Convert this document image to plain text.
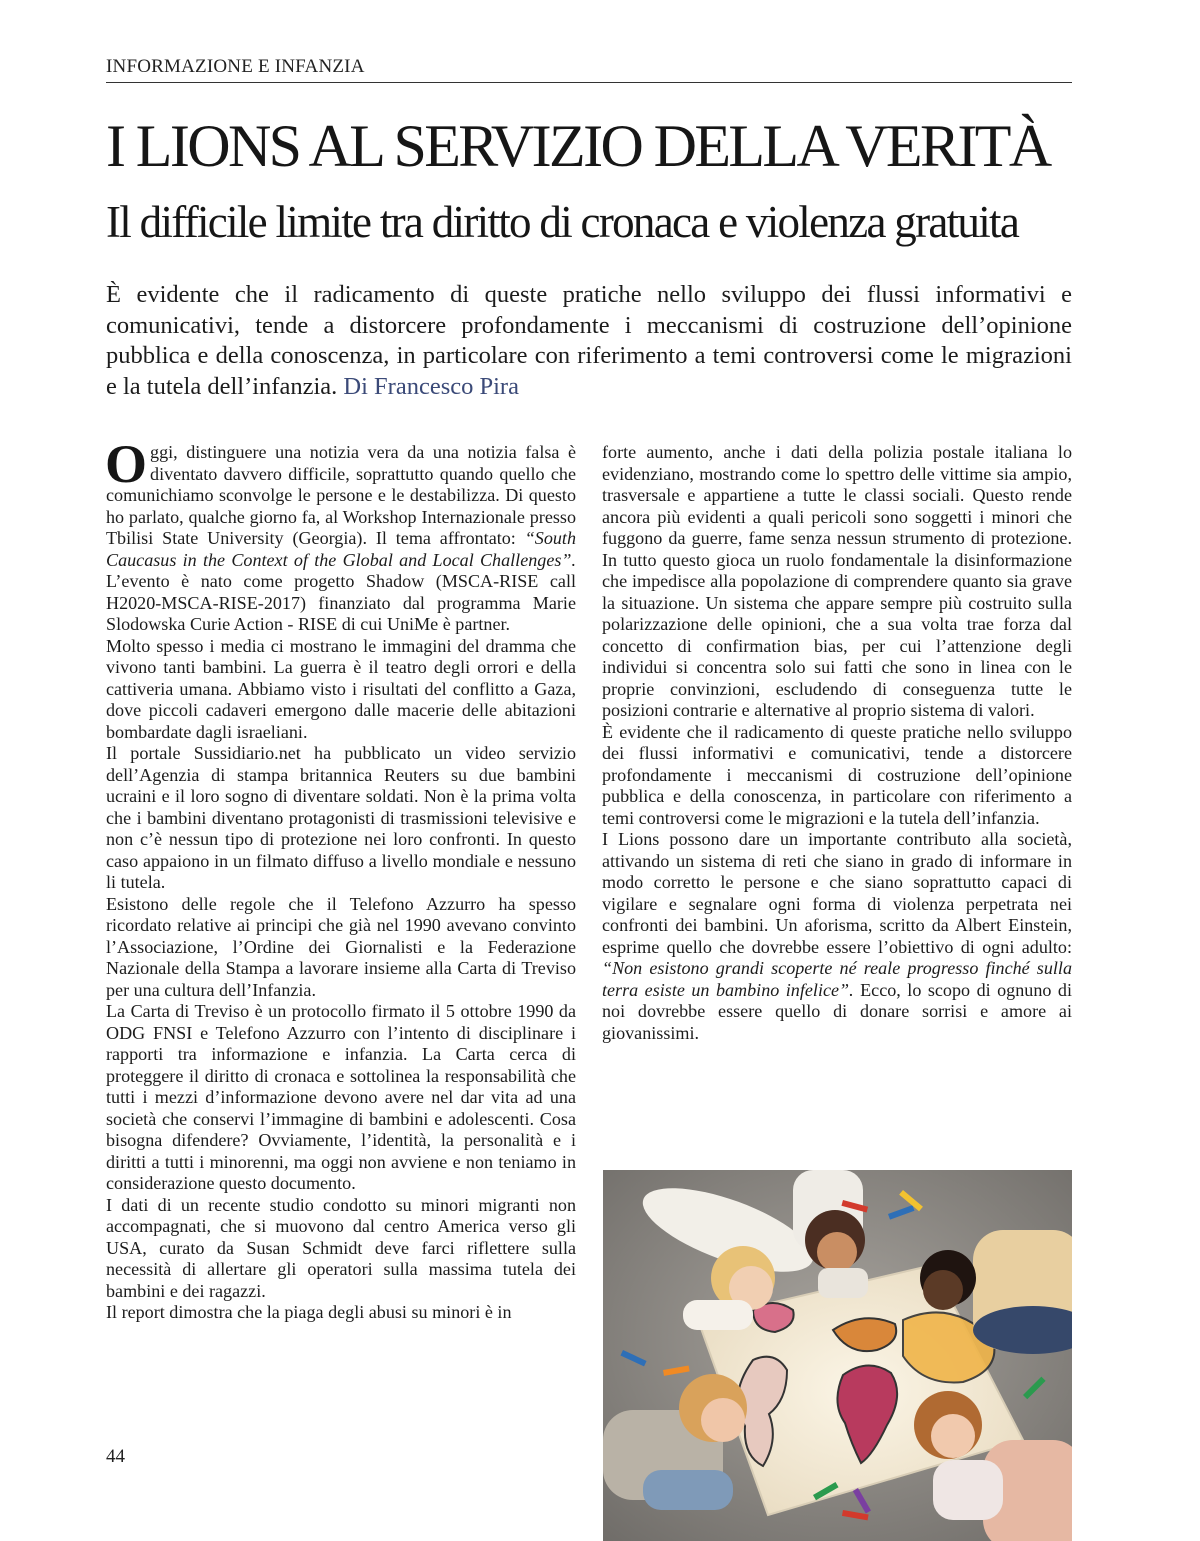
INFORMAZIONE E INFANZIA
I LIONS AL SERVIZIO DELLA VERITÀ
Il difficile limite tra diritto di cronaca e violenza gratuita

È evidente che il radicamento di queste pratiche nello sviluppo dei flussi informativi e comunicativi, tende a distorcere profondamente i meccanismi di costruzione dell’opinione pubblica e della conoscenza, in particolare con riferimento a temi controversi come le migrazioni e la tutela dell’infanzia. Di Francesco Pira

Oggi, distinguere una notizia vera da una notizia falsa è diventato davvero difficile, soprattutto quando quello che comunichiamo sconvolge le persone e le destabilizza. Di questo ho parlato, qualche giorno fa, al Workshop Internazionale presso Tbilisi State University (Georgia). Il tema affrontato: “South Caucasus in the Context of the Global and Local Challenges”. L’evento è nato come progetto Shadow (MSCA-RISE call H2020-MSCA-RISE-2017) finanziato dal programma Marie Slodowska Curie Action - RISE di cui UniMe è partner.

Molto spesso i media ci mostrano le immagini del dramma che vivono tanti bambini. La guerra è il teatro degli orrori e della cattiveria umana. Abbiamo visto i risultati del conflitto a Gaza, dove piccoli cadaveri emergono dalle macerie delle abitazioni bombardate dagli israeliani.

Il portale Sussidiario.net ha pubblicato un video servizio dell’Agenzia di stampa britannica Reuters su due bambini ucraini e il loro sogno di diventare soldati. Non è la prima volta che i bambini diventano protagonisti di trasmissioni televisive e non c’è nessun tipo di protezione nei loro confronti. In questo caso appaiono in un filmato diffuso a livello mondiale e nessuno li tutela.

Esistono delle regole che il Telefono Azzurro ha spesso ricordato relative ai principi che già nel 1990 avevano convinto l’Associazione, l’Ordine dei Giornalisti e la Federazione Nazionale della Stampa a lavorare insieme alla Carta di Treviso per una cultura dell’Infanzia.

La Carta di Treviso è un protocollo firmato il 5 ottobre 1990 da ODG FNSI e Telefono Azzurro con l’intento di disciplinare i rapporti tra informazione e infanzia. La Carta cerca di proteggere il diritto di cronaca e sottolinea la responsabilità che tutti i mezzi d’informazione devono avere nel dar vita ad una società che conservi l’immagine di bambini e adolescenti. Cosa bisogna difendere? Ovviamente, l’identità, la personalità e i diritti a tutti i minorenni, ma oggi non avviene e non teniamo in considerazione questo documento.

I dati di un recente studio condotto su minori migranti non accompagnati, che si muovono dal centro America verso gli USA, curato da Susan Schmidt deve farci riflettere sulla necessità di allertare gli operatori sulla massima tutela dei bambini e dei ragazzi.

Il report dimostra che la piaga degli abusi su minori è in

forte aumento, anche i dati della polizia postale italiana lo evidenziano, mostrando come lo spettro delle vittime sia ampio, trasversale e appartiene a tutte le classi sociali. Questo rende ancora più evidenti a quali pericoli sono soggetti i minori che fuggono da guerre, fame senza nessun strumento di protezione. In tutto questo gioca un ruolo fondamentale la disinformazione che impedisce alla popolazione di comprendere quanto sia grave la situazione. Un sistema che appare sempre più costruito sulla polarizzazione delle opinioni, che a sua volta trae forza dal concetto di confirmation bias, per cui l’attenzione degli individui si concentra solo sui fatti che sono in linea con le proprie convinzioni, escludendo di conseguenza tutte le posizioni contrarie e alternative al proprio sistema di valori.

È evidente che il radicamento di queste pratiche nello sviluppo dei flussi informativi e comunicativi, tende a distorcere profondamente i meccanismi di costruzione dell’opinione pubblica e della conoscenza, in particolare con riferimento a temi controversi come le migrazioni e la tutela dell’infanzia.

I Lions possono dare un importante contributo alla società, attivando un sistema di reti che siano in grado di informare in modo corretto le persone e che siano soprattutto capaci di vigilare e segnalare ogni forma di violenza perpetrata nei confronti dei bambini. Un aforisma, scritto da Albert Einstein, esprime quello che dovrebbe essere l’obiettivo di ogni adulto: “Non esistono grandi scoperte né reale progresso finché sulla terra esiste un bambino infelice”. Ecco, lo scopo di ognuno di noi dovrebbe essere quello di donare sorrisi e amore ai giovanissimi.

44
